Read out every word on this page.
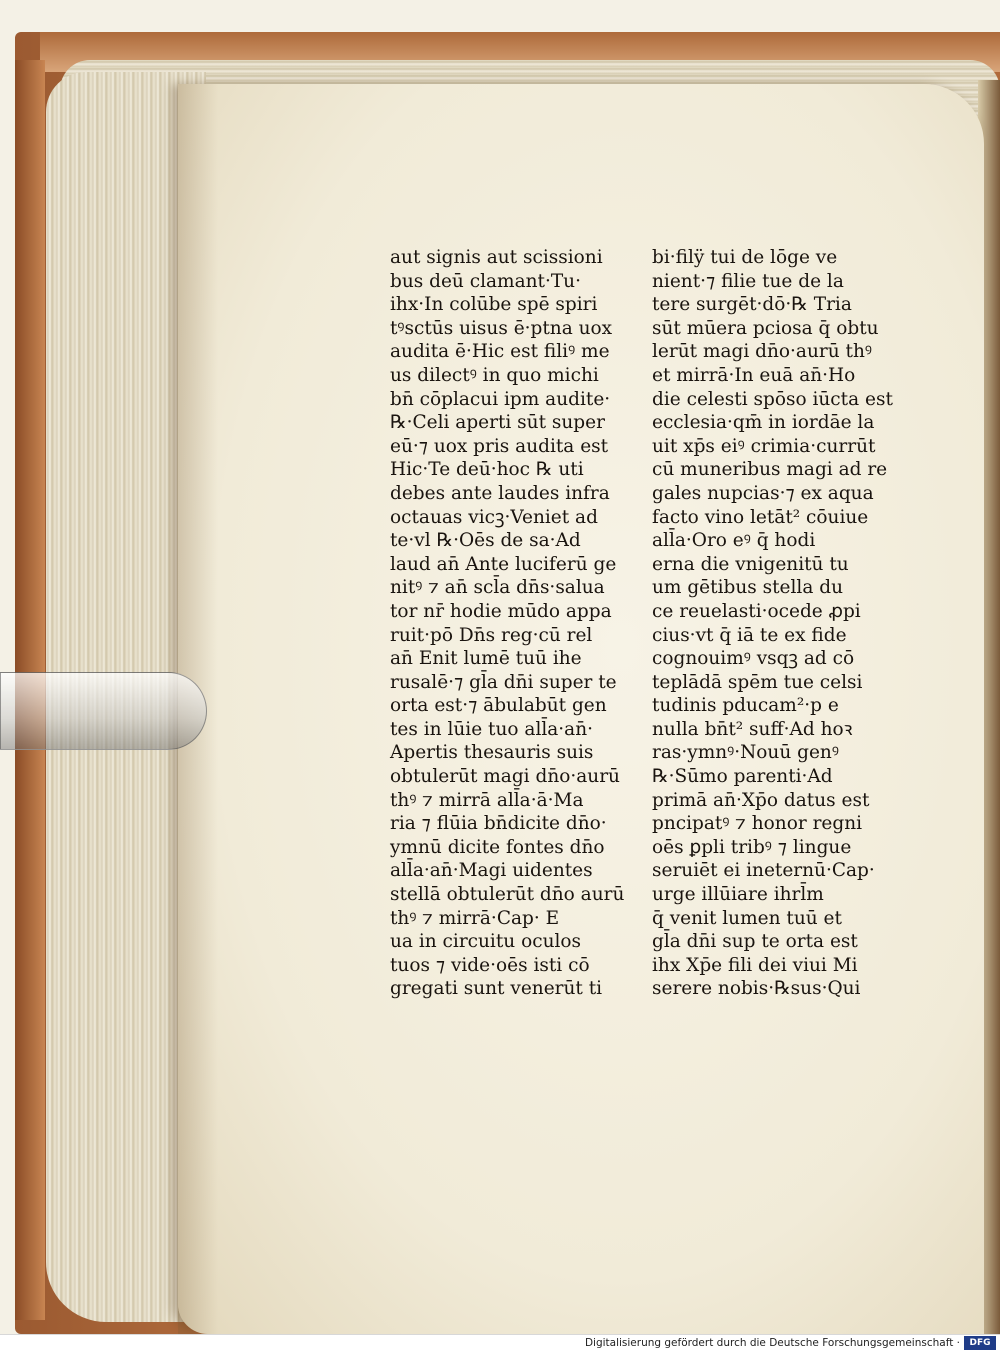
aut signis aut scissioni
bus deū clamant·Tu·
ihx·In colūbe spē spiri
tꝰsctūs uisus ē·ptna uox
audita ē·Hic est filiꝰ me
us dilectꝰ in quo michi
bn̄ cōplacui ipm audite·
℞·Celi aperti sūt super
eū·⁊ uox pris audita est
Hic·Te deū·hoc ℞ uti
debes ante laudes infra
octauas vicꝫ·Veniet ad
te·vl ℞·Oēs de sa·Ad
laud an̄ Ante luciferū ge
nitꝰ ⁊ an̄ scl̄a dn̄s·salua
tor nr̄ hodie mūdo appa
ruit·pō Dn̄s reg·cū rel
an̄ Enit lumē tuū ihe
rusalē·⁊ gl̄a dn̄i super te
orta est·⁊ ābulabūt gen
tes in lūie tuo all̄a·an̄·
Apertis thesauris suis
obtulerūt magi dn̄o·aurū
thꝰ ⁊ mirrā all̄a·ā·Ma
ria ⁊ flūia bn̄dicite dn̄o·
ymnū dicite fontes dn̄o
all̄a·an̄·Magi uidentes
stellā obtulerūt dn̄o aurū
thꝰ ⁊ mirrā·Cap· E
ua in circuitu oculos
tuos ⁊ vide·oēs isti cō
gregati sunt venerūt ti
bi·filÿ tui de lōge ve
nient·⁊ filie tue de la
tere surgēt·dō·℞ Tria
sūt mūera pciosa q̄ obtu
lerūt magi dn̄o·aurū thꝰ
et mirrā·In euā an̄·Ho
die celesti spōso iūcta est
ecclesia·qm̄ in iordāe la
uit xp̄s eiꝰ crimia·currūt
cū muneribus magi ad re
gales nupcias·⁊ ex aqua
facto vino letāt² cōuiue
all̄a·Oro eꝰ q̄ hodi
erna die vnigenitū tu
um gētibus stella du
ce reuelasti·ocede ꝓpi
cius·vt q̄ iā te ex fide
cognouimꝰ vsqꝫ ad cō
teplādā spēm tue celsi
tudinis pducam²·p e
nulla bn̄t² suff·Ad hoꝛ
ras·ymnꝰ·Nouū genꝰ
℞·Sūmo parenti·Ad
primā an̄·Xp̄o datus est
pncipatꝰ ⁊ honor regni
oēs ꝑpli tribꝰ ⁊ lingue
seruiēt ei ineternū·Cap·
urge illūiare ihrl̄m
q̄ venit lumen tuū et
gl̄a dn̄i sup te orta est
ihx Xp̄e fili dei viui Mi
serere nobis·℞sus·Qui
Digitalisierung gefördert durch die Deutsche Forschungsgemeinschaft ·	DFG
